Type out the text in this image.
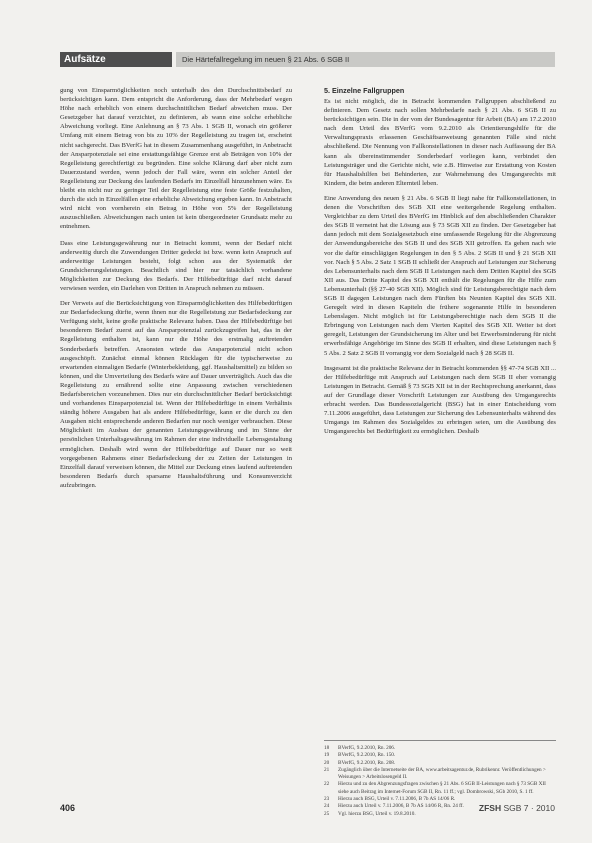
Aufsätze	Die Härtefallregelung im neuen § 21 Abs. 6 SGB II

gung von Einsparmöglichkeiten noch unterhalb des den Durchschnittsbedarf zu berücksichtigen kann. Dem entspricht die Anforderung, dass der Mehrbedarf wegen Höhe nach erheblich von einem durchschnittlichen Bedarf abweichen muss. Der Gesetzgeber hat darauf verzichtet, zu definieren, ab wann eine solche erhebliche Abweichung vorliegt. Eine Anlehnung an § 73 Abs. 1 SGB II, wonach ein größerer Umfang mit einem Betrag von bis zu 10% der Regelleistung zu tragen ist, erscheint nicht sachgerecht. Das BVerfG hat in diesem Zusammenhang ausgeführt, in Anbetracht der Ansparpotenziale sei eine erstattungsfähige Grenze erst ab Beträgen von 10% der Regelleistung gerechtfertigt zu begründen. Eine solche Klärung darf aber nicht zum Dauerzustand werden, wenn jedoch der Fall wäre, wenn ein solcher Anteil der Regelleistung zur Deckung des laufenden Bedarfs im Einzelfall hinzunehmen wäre. Es bleibt ein nicht nur zu geringer Teil der Regelleistung eine feste Größe festzuhalten, durch die sich in Einzelfällen eine erhebliche Abweichung ergeben kann. In Anbetracht wird nicht von vornherein ein Betrag in Höhe von 5% der Regelleistung auszuschließen. Abweichungen nach unten ist kein übergeordneter Grundsatz mehr zu entnehmen.

Dass eine Leistungsgewährung nur in Betracht kommt, wenn der Bedarf nicht anderweitig durch die Zuwendungen Dritter gedeckt ist bzw. wenn kein Anspruch auf anderweitige Leistungen besteht, folgt schon aus der Systematik der Grundsicherungsleistungen. Beachtlich sind hier nur tatsächlich vorhandene Möglichkeiten zur Deckung des Bedarfs. Der Hilfebedürftige darf nicht darauf verwiesen werden, ein Darlehen von Dritten in Anspruch nehmen zu müssen.

Der Verweis auf die Berücksichtigung von Einsparmöglichkeiten des Hilfebedürftigen zur Bedarfsdeckung dürfte, wenn ihnen nur die Regelleistung zur Bedarfsdeckung zur Verfügung steht, keine große praktische Relevanz haben. Dass der Hilfebedürftige bei besonderem Bedarf zuerst auf das Ansparpotenzial zurückzugreifen hat, das in der Regelleistung enthalten ist, kann nur die Höhe des erstmalig auftretenden Sonderbedarfs betreffen. Ansonsten würde das Ansparpotenzial nicht schon ausgeschöpft. Zunächst einmal können Rücklagen für die typischerweise zu erwartenden einmaligen Bedarfe (Winterbekleidung, ggf. Haushaltsmittel) zu bilden so können, und die Umverteilung des Bedarfs wäre auf Dauer unverträglich. Auch das die Regelleistung zu ernährend sollte eine Anpassung zwischen verschiedenen Bedarfsbereichen vorzunehmen. Dies nur ein durchschnittlicher Bedarf berücksichtigt und vorhandenes Einsparpotenzial ist. Wenn der Hilfebedürftige in einem Verhältnis ständig höhere Ausgaben hat als andere Hilfebedürftige, kann er die durch zu den Ausgaben nicht entsprechende anderen Bedarfen nur noch weniger verbrauchen. Diese Möglichkeit im Ausbau der genannten Leistungsgewährung und im Sinne der persönlichen Unterhaltsgewährung im Rahmen der eine individuelle Lebensgestaltung ermöglichen. Deshalb wird wenn der Hilfebedürftige auf Dauer nur so weit vorgegebenen Rahmens einer Bedarfsdeckung der zu Zeiten der Leistungen in Einzelfall darauf verweisen können, die Mittel zur Deckung eines laufend auftretenden besonderen Bedarfs durch sparsame Haushaltsführung und Konsumverzicht aufzubringen.

5. Einzelne Fallgruppen

Es ist nicht möglich, die in Betracht kommenden Fallgruppen abschließend zu definieren. Dem Gesetz nach sollen Mehrbedarfe nach § 21 Abs. 6 SGB II zu berücksichtigen sein. Die in der vom der Bundesagentur für Arbeit (BA) am 17.2.2010 nach dem Urteil des BVerfG vom 9.2.2010 als Orientierungshilfe für die Verwaltungspraxis erlassenen Geschäftsanweisung genannten Fälle sind nicht abschließend. Die Nennung von Fallkonstellationen in dieser nach Auffassung der BA kann als übereinstimmender Sonderbedarf vorliegen kann, verbindet den Leistungsträger und die Gerichte nicht, wie z.B. Hinweise zur Erstattung von Kosten für Haushaltshilfen bei Behinderten, zur Wahrnehmung des Umgangsrechts mit Kindern, die beim anderen Elternteil leben.

Eine Anwendung des neuen § 21 Abs. 6 SGB II liegt nahe für Fallkonstellationen, in denen die Vorschriften des SGB XII eine weitergehende Regelung enthalten. Vergleichbar zu dem Urteil des BVerfG im Hinblick auf den abschließenden Charakter des SGB II verneint hat die Lösung aus § 73 SGB XII zu finden. Der Gesetzgeber hat dann jedoch mit dem Sozialgesetzbuch eine umfassende Regelung für die Abgrenzung der Anwendungsbereiche des SGB II und des SGB XII getroffen. Es gehen nach wie vor die dafür einschlägigen Regelungen in den § 5 Abs. 2 SGB II und § 21 SGB XII vor. Nach § 5 Abs. 2 Satz 1 SGB II schließt der Anspruch auf Leistungen zur Sicherung des Lebensunterhalts nach dem SGB II Leistungen nach dem Dritten Kapitel des SGB XII aus. Das Dritte Kapitel des SGB XII enthält die Regelungen für die Hilfe zum Lebensunterhalt (§§ 27-40 SGB XII). Möglich sind für Leistungsberechtigte nach dem SGB II dagegen Leistungen nach dem Fünften bis Neunten Kapitel des SGB XII. Geregelt wird in diesen Kapiteln die frühere sogenannte Hilfe in besonderen Lebenslagen. Nicht möglich ist für Leistungsberechtigte nach dem SGB II die Erbringung von Leistungen nach dem Vierten Kapitel des SGB XII. Weiter ist dort geregelt, Leistungen der Grundsicherung im Alter und bei Erwerbsminderung für nicht erwerbsfähige Angehörige im Sinne des SGB II erhalten, sind diese Leistungen nach § 5 Abs. 2 Satz 2 SGB II vorrangig vor dem Sozialgeld nach § 28 SGB II.

Insgesamt ist die praktische Relevanz der in Betracht kommenden §§ 47-74 SGB XII ... der Hilfebedürftige mit Anspruch auf Leistungen nach dem SGB II eher vorrangig Leistungen in Betracht. Gemäß § 73 SGB XII ist in der Rechtsprechung anerkannt, dass auf der Grundlage dieser Vorschrift Leistungen zur Ausübung des Umgangsrechts erbracht werden. Das Bundessozialgericht (BSG) hat in einer Entscheidung vom 7.11.2006 ausgeführt, dass Leistungen zur Sicherung des Lebensunterhalts während des Umgangs im Rahmen des Sozialgeldes zu erbringen seien, um die Ausübung des Umgangsrechts bei Bedürftigkeit zu ermöglichen. Deshalb

18	BVerfG, 9.2.2010, Rn. 206.
19	BVerfG, 9.2.2010, Rn. 150.
20	BVerfG, 9.2.2010, Rn. 208.
21	Zugänglich über die Internetseite der BA, www.arbeitsagentur.de, Rubrikennr. Veröffentlichungen > Weisungen > Arbeitslosengeld II.
22	Hierzu und zu den Abgrenzungsfragen zwischen § 21 Abs. 6 SGB II-Leistungen nach § 73 SGB XII siehe auch Beitrag im Internet-Forum SGB II, Rn. 11 ff.; vgl. Dombrowski, SGb 2010, S. 1 ff.
23	Hierzu auch BSG, Urteil v. 7.11.2006, B 7b AS 14/06 R.
24	Hierzu auch Urteil v. 7.11.2006, B 7b AS 14/06 R, Rn. 24 ff.
25	Vgl. hierzu BSG, Urteil v. 19.8.2010.
406	ZFSH SGB 7 · 2010
